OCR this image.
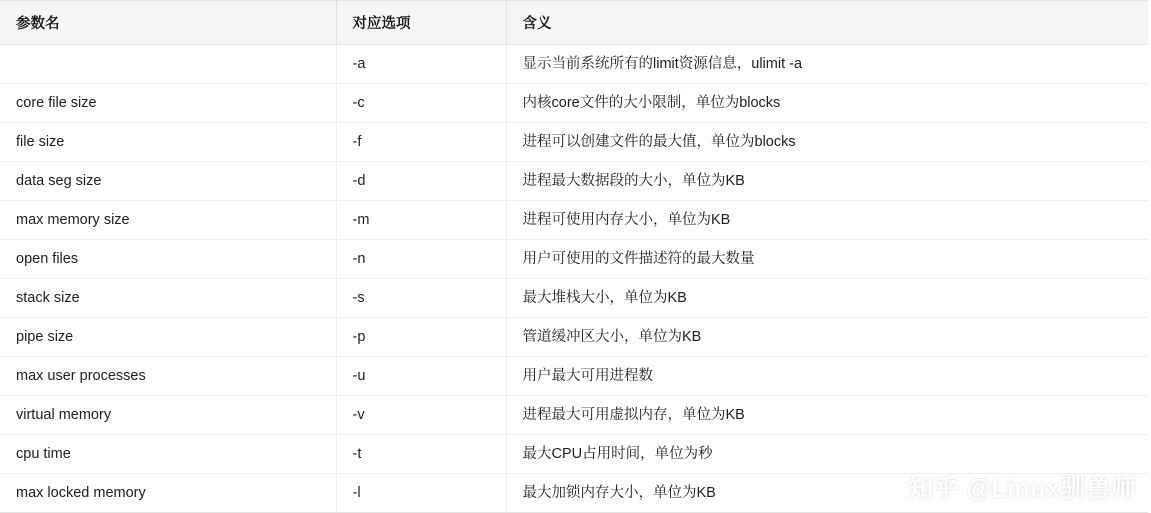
参数名	对应选项	含义
	-a	显示当前系统所有的limit资源信息，ulimit -a
core file size	-c	内核core文件的大小限制，单位为blocks
file size	-f	进程可以创建文件的最大值，单位为blocks
data seg size	-d	进程最大数据段的大小，单位为KB
max memory size	-m	进程可使用内存大小，单位为KB
open files	-n	用户可使用的文件描述符的最大数量
stack size	-s	最大堆栈大小，单位为KB
pipe size	-p	管道缓冲区大小，单位为KB
max user processes	-u	用户最大可用进程数
virtual memory	-v	进程最大可用虚拟内存，单位为KB
cpu time	-t	最大CPU占用时间，单位为秒
max locked memory	-l	最大加锁内存大小，单位为KB	知乎 @Linux驯兽师
